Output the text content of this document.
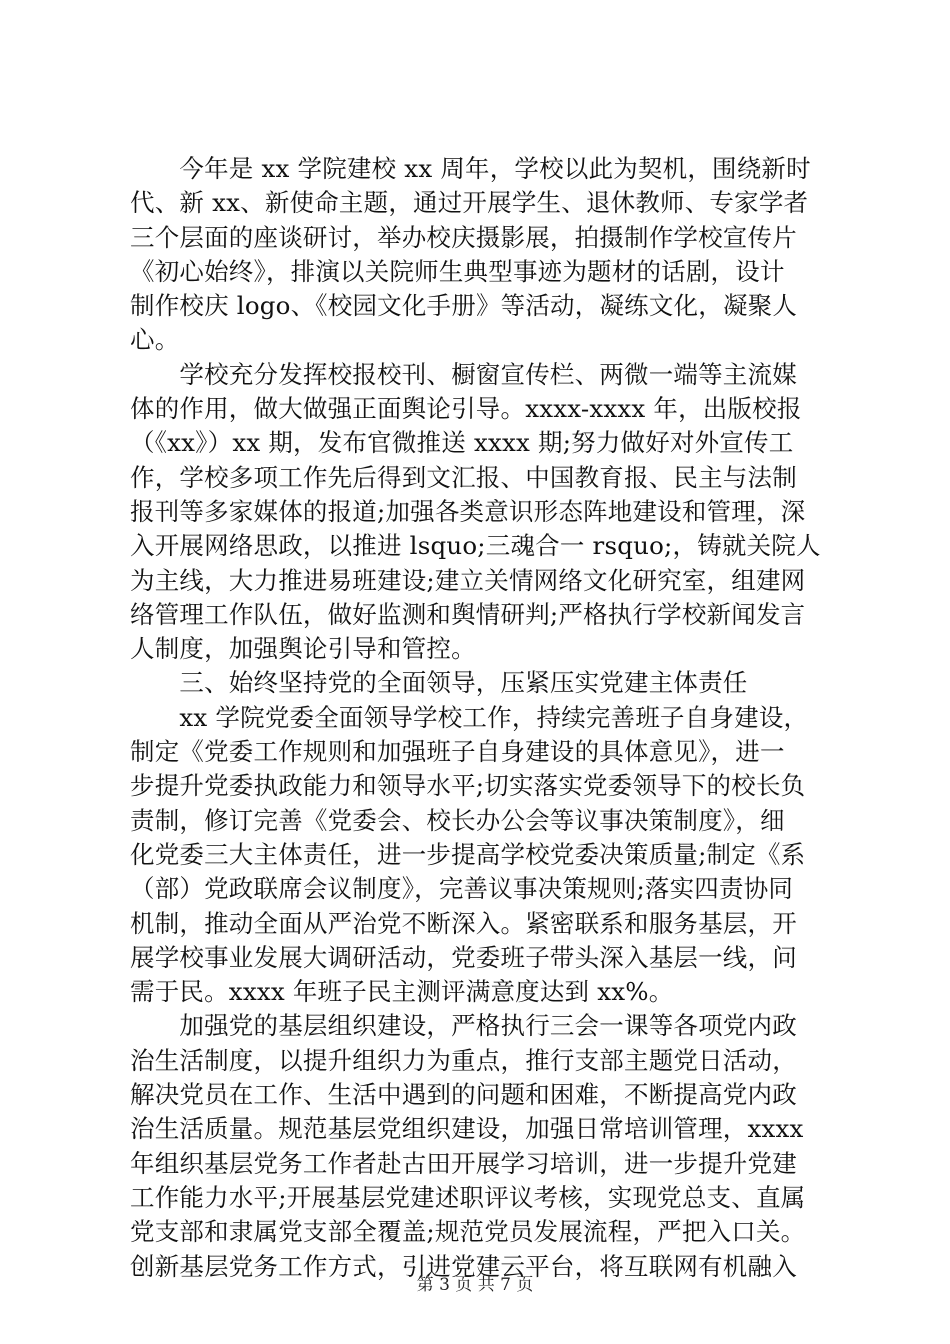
　　今年是 xx 学院建校 xx 周年，学校以此为契机，围绕新时
代、新 xx、新使命主题，通过开展学生、退休教师、专家学者
三个层面的座谈研讨，举办校庆摄影展，拍摄制作学校宣传片
《初心始终》，排演以关院师生典型事迹为题材的话剧，设计
制作校庆 logo、《校园文化手册》等活动，凝练文化，凝聚人
心。
　　学校充分发挥校报校刊、橱窗宣传栏、两微一端等主流媒
体的作用，做大做强正面舆论引导。xxxx-xxxx 年，出版校报
（《xx》）xx 期，发布官微推送 xxxx 期;努力做好对外宣传工
作，学校多项工作先后得到文汇报、中国教育报、民主与法制
报刊等多家媒体的报道;加强各类意识形态阵地建设和管理，深
入开展网络思政，以推进 lsquo;三魂合一 rsquo;，铸就关院人
为主线，大力推进易班建设;建立关情网络文化研究室，组建网
络管理工作队伍，做好监测和舆情研判;严格执行学校新闻发言
人制度，加强舆论引导和管控。
　　三、始终坚持党的全面领导，压紧压实党建主体责任
　　xx 学院党委全面领导学校工作，持续完善班子自身建设，
制定《党委工作规则和加强班子自身建设的具体意见》，进一
步提升党委执政能力和领导水平;切实落实党委领导下的校长负
责制，修订完善《党委会、校长办公会等议事决策制度》，细
化党委三大主体责任，进一步提高学校党委决策质量;制定《系
（部）党政联席会议制度》，完善议事决策规则;落实四责协同
机制，推动全面从严治党不断深入。紧密联系和服务基层，开
展学校事业发展大调研活动，党委班子带头深入基层一线，问
需于民。xxxx 年班子民主测评满意度达到 xx%。
　　加强党的基层组织建设，严格执行三会一课等各项党内政
治生活制度，以提升组织力为重点，推行支部主题党日活动，
解决党员在工作、生活中遇到的问题和困难，不断提高党内政
治生活质量。规范基层党组织建设，加强日常培训管理，xxxx
年组织基层党务工作者赴古田开展学习培训，进一步提升党建
工作能力水平;开展基层党建述职评议考核，实现党总支、直属
党支部和隶属党支部全覆盖;规范党员发展流程，严把入口关。
创新基层党务工作方式，引进党建云平台，将互联网有机融入
第 3 页 共 7 页
